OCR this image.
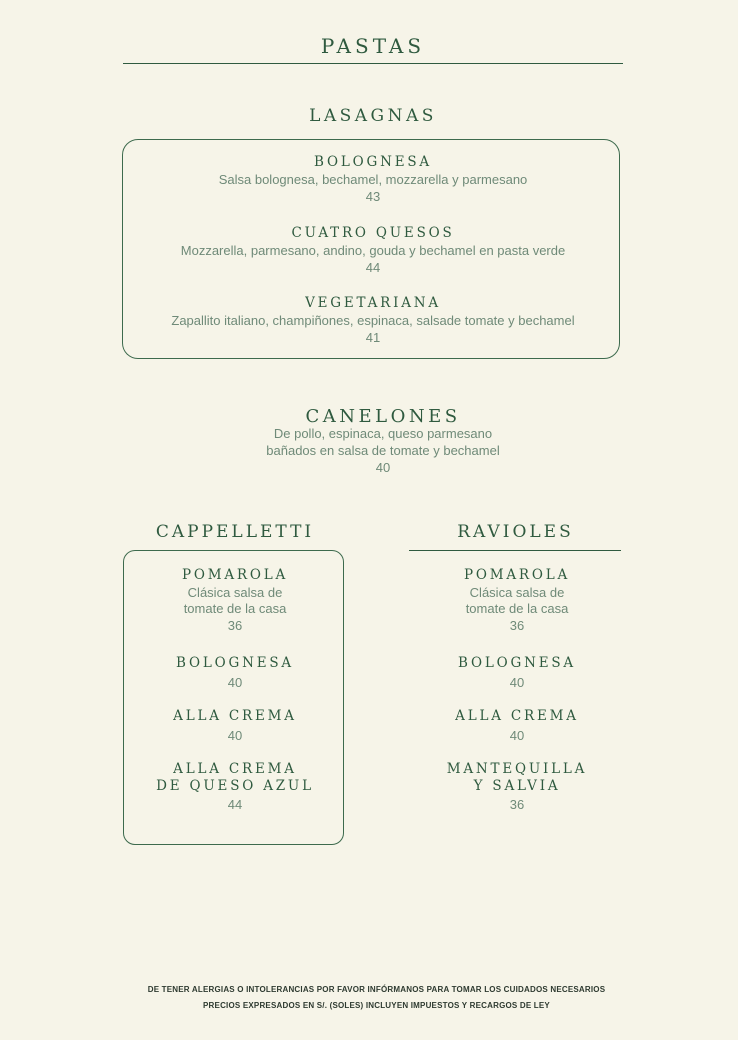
PASTAS
LASAGNAS
BOLOGNESA
Salsa bolognesa, bechamel, mozzarella y parmesano
43
CUATRO QUESOS
Mozzarella, parmesano, andino, gouda y bechamel en pasta verde
44
VEGETARIANA
Zapallito italiano, champiñones, espinaca, salsade tomate y bechamel
41
CANELONES
De pollo, espinaca, queso parmesano
bañados en salsa de tomate y bechamel
40
CAPPELLETTI
POMAROLA
Clásica salsa de
tomate de la casa
36
BOLOGNESA
40
ALLA CREMA
40
ALLA CREMA
DE QUESO AZUL
44
RAVIOLES
POMAROLA
Clásica salsa de
tomate de la casa
36
BOLOGNESA
40
ALLA CREMA
40
MANTEQUILLA
Y SALVIA
36
DE TENER ALERGIAS O INTOLERANCIAS POR FAVOR INFÓRMANOS PARA TOMAR LOS CUIDADOS NECESARIOS
PRECIOS EXPRESADOS EN S/. (SOLES) INCLUYEN IMPUESTOS Y RECARGOS DE LEY
